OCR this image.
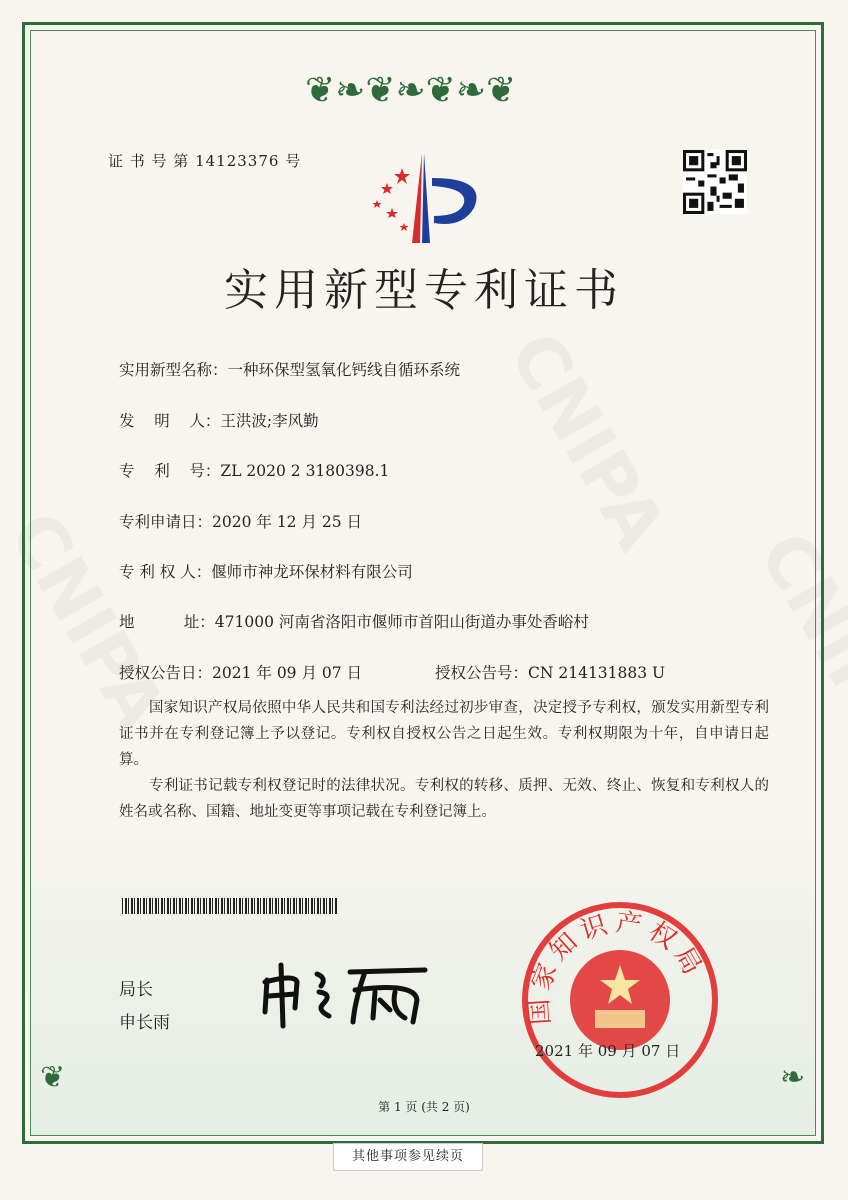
❦❧❦❧❦❧❦
❦	❧
证 书 号 第 14123376 号
实用新型专利证书
实用新型名称：一种环保型氢氧化钙线自循环系统
发    明    人：王洪波;李风勤
专    利    号：ZL 2020 2 3180398.1
专利申请日：2020 年 12 月 25 日
专 利 权 人：偃师市神龙环保材料有限公司
地          址：471000 河南省洛阳市偃师市首阳山街道办事处香峪村
授权公告日：2021 年 09 月 07 日	授权公告号：CN 214131883 U
国家知识产权局依照中华人民共和国专利法经过初步审查，决定授予专利权，颁发实用新型专利证书并在专利登记簿上予以登记。专利权自授权公告之日起生效。专利权期限为十年，自申请日起算。
专利证书记载专利权登记时的法律状况。专利权的转移、质押、无效、终止、恢复和专利权人的姓名或名称、国籍、地址变更等事项记载在专利登记簿上。
局长
申长雨	国家知识产权局
2021 年 09 月 07 日
第 1 页 (共 2 页)
其他事项参见续页
